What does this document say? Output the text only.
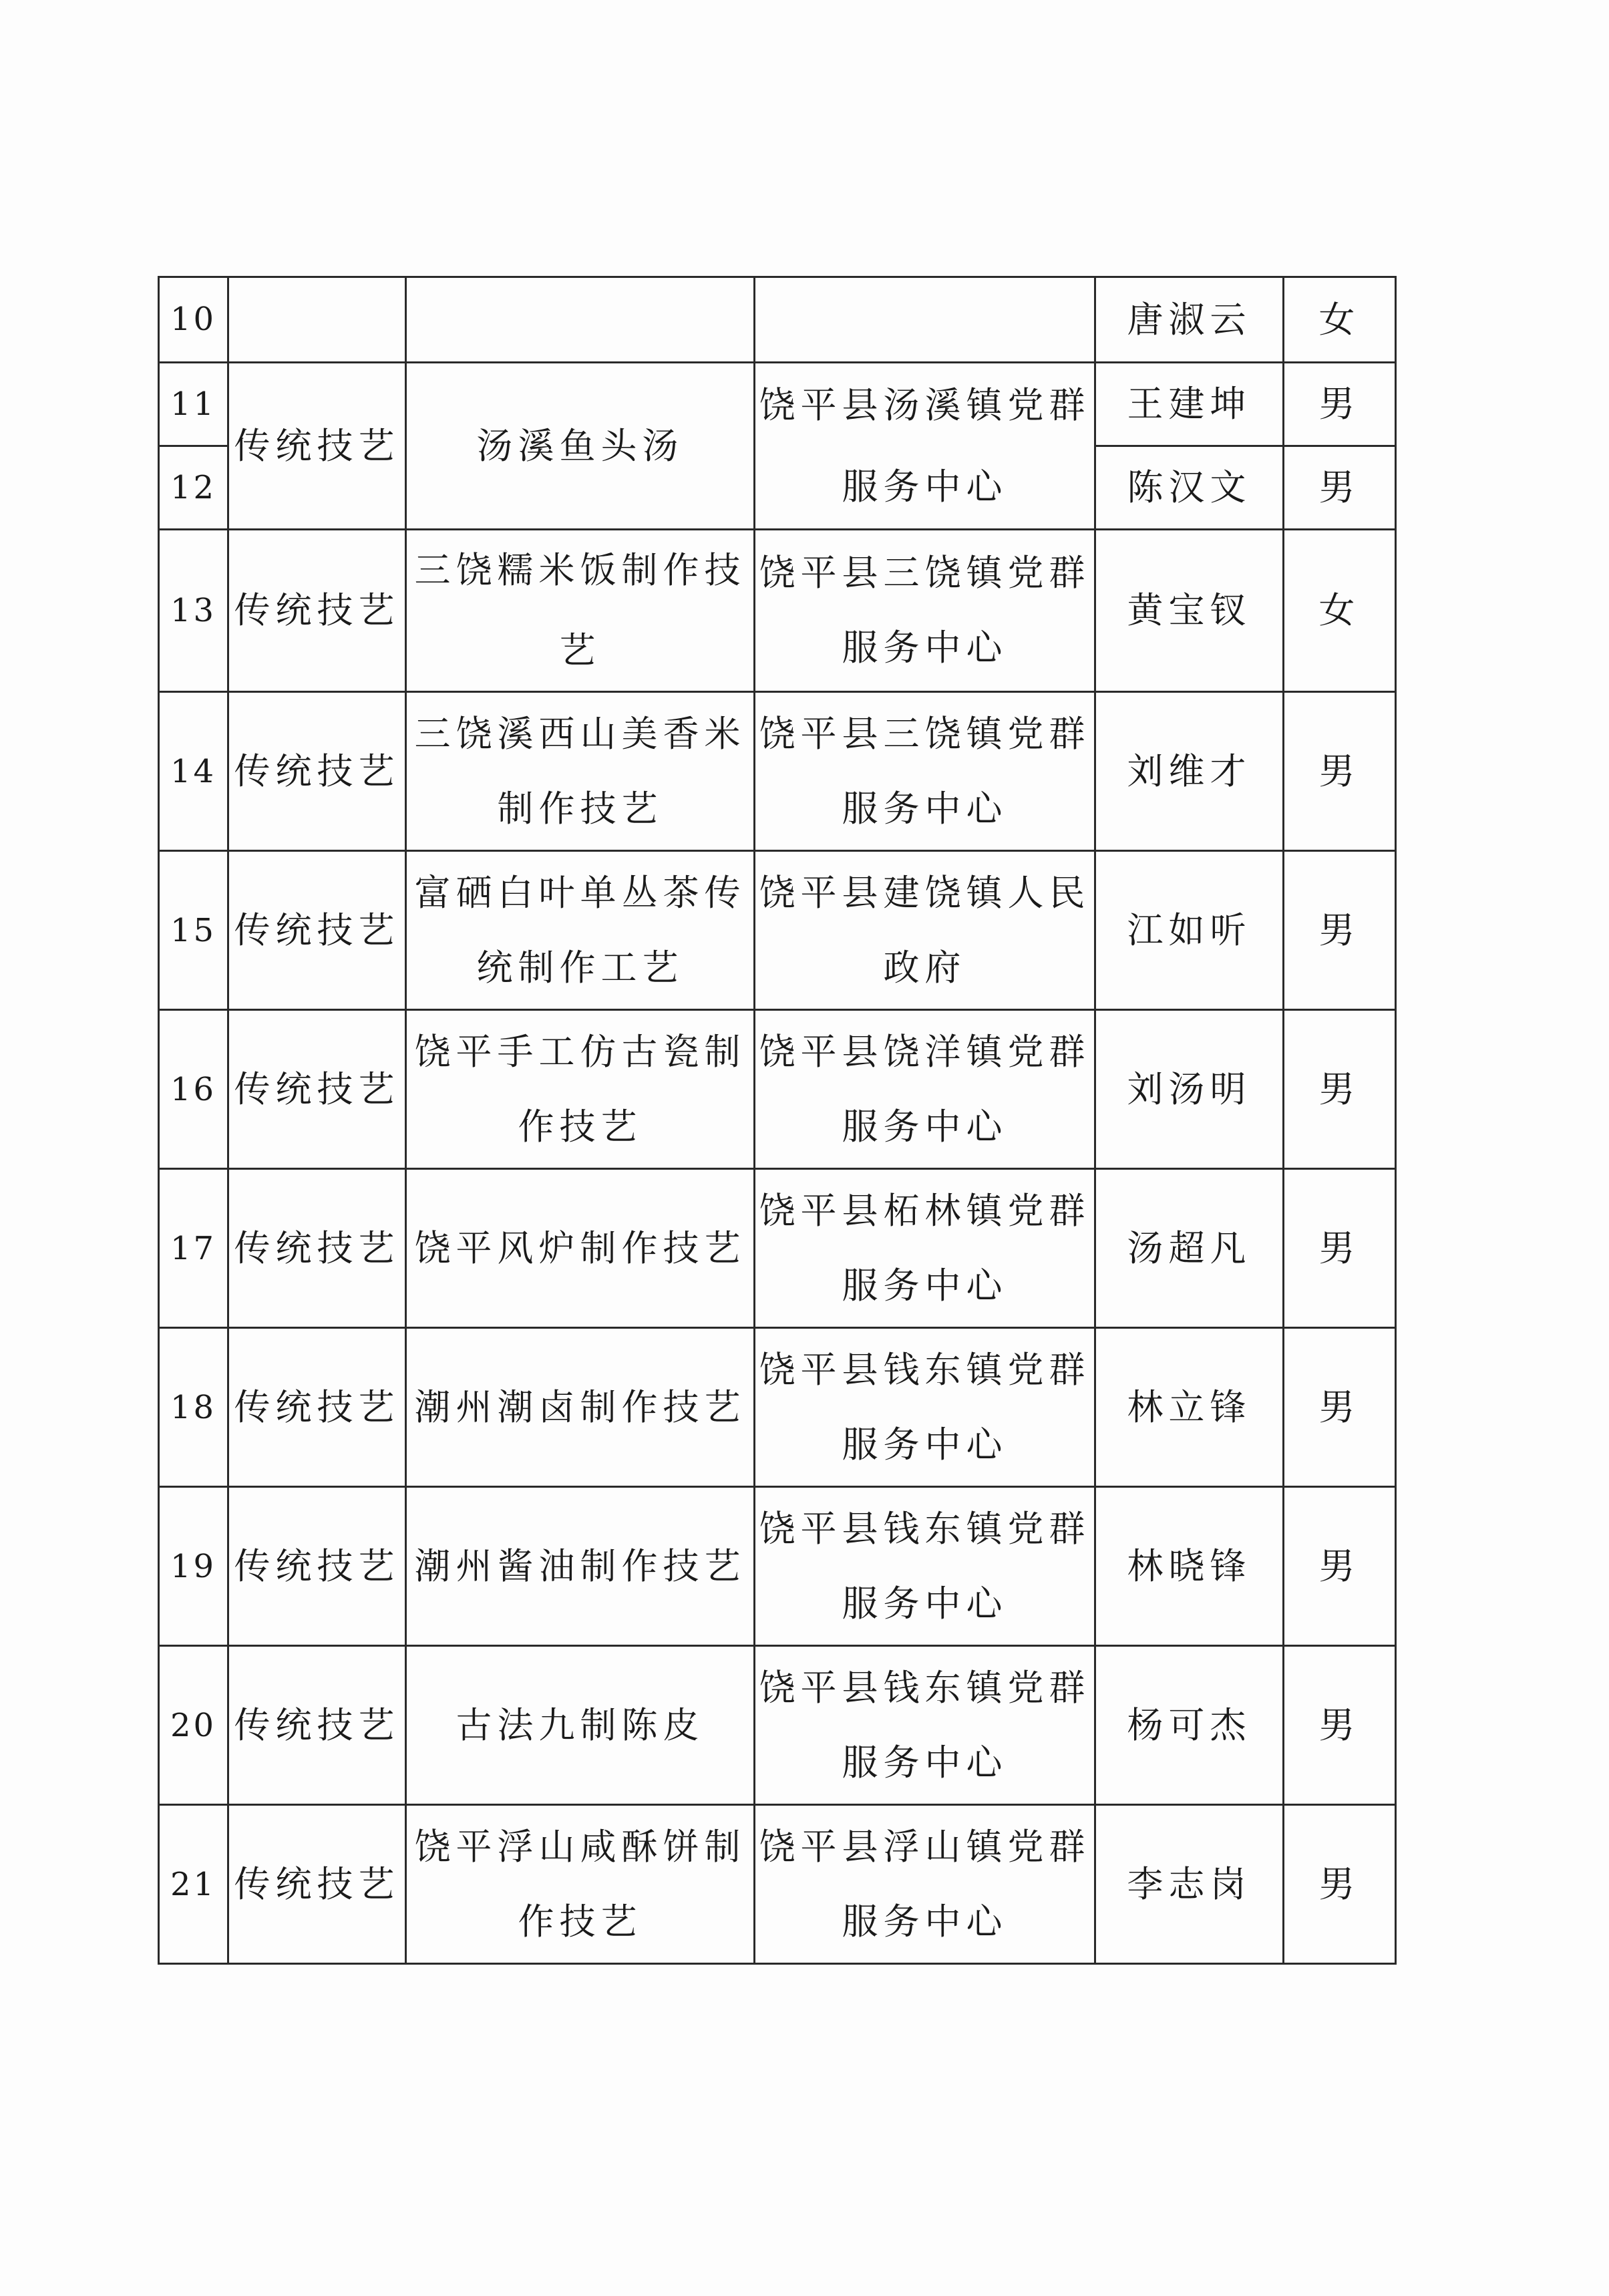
10				唐淑云	女
11	传统技艺	汤溪鱼头汤	饶平县汤溪镇党群服务中心	王建坤	男
12				陈汉文	男
13	传统技艺	三饶糯米饭制作技艺	饶平县三饶镇党群服务中心	黄宝钗	女
14	传统技艺	三饶溪西山美香米制作技艺	饶平县三饶镇党群服务中心	刘维才	男
15	传统技艺	富硒白叶单丛茶传统制作工艺	饶平县建饶镇人民政府	江如听	男
16	传统技艺	饶平手工仿古瓷制作技艺	饶平县饶洋镇党群服务中心	刘汤明	男
17	传统技艺	饶平风炉制作技艺	饶平县柘林镇党群服务中心	汤超凡	男
18	传统技艺	潮州潮卤制作技艺	饶平县钱东镇党群服务中心	林立锋	男
19	传统技艺	潮州酱油制作技艺	饶平县钱东镇党群服务中心	林晓锋	男
20	传统技艺	古法九制陈皮	饶平县钱东镇党群服务中心	杨可杰	男
21	传统技艺	饶平浮山咸酥饼制作技艺	饶平县浮山镇党群服务中心	李志岗	男
